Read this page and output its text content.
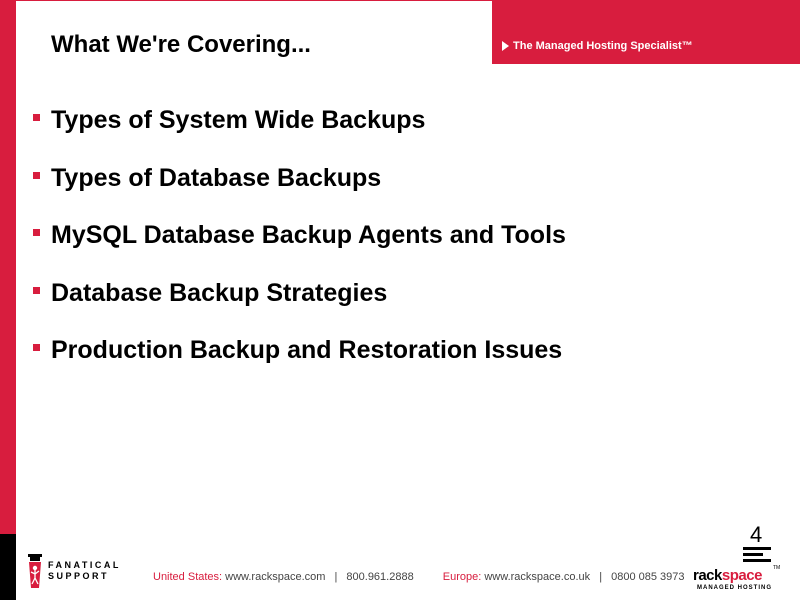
The Managed Hosting Specialist™
What We're Covering...
Types of System Wide Backups
Types of Database Backups
MySQL Database Backup Agents and Tools
Database Backup Strategies
Production Backup and Restoration Issues
4
FANATICAL
SUPPORT	United States: www.rackspace.com | 800.961.2888	Europe: www.rackspace.co.uk | 0800 085 3973 rackspace TM
MANAGED HOSTING
